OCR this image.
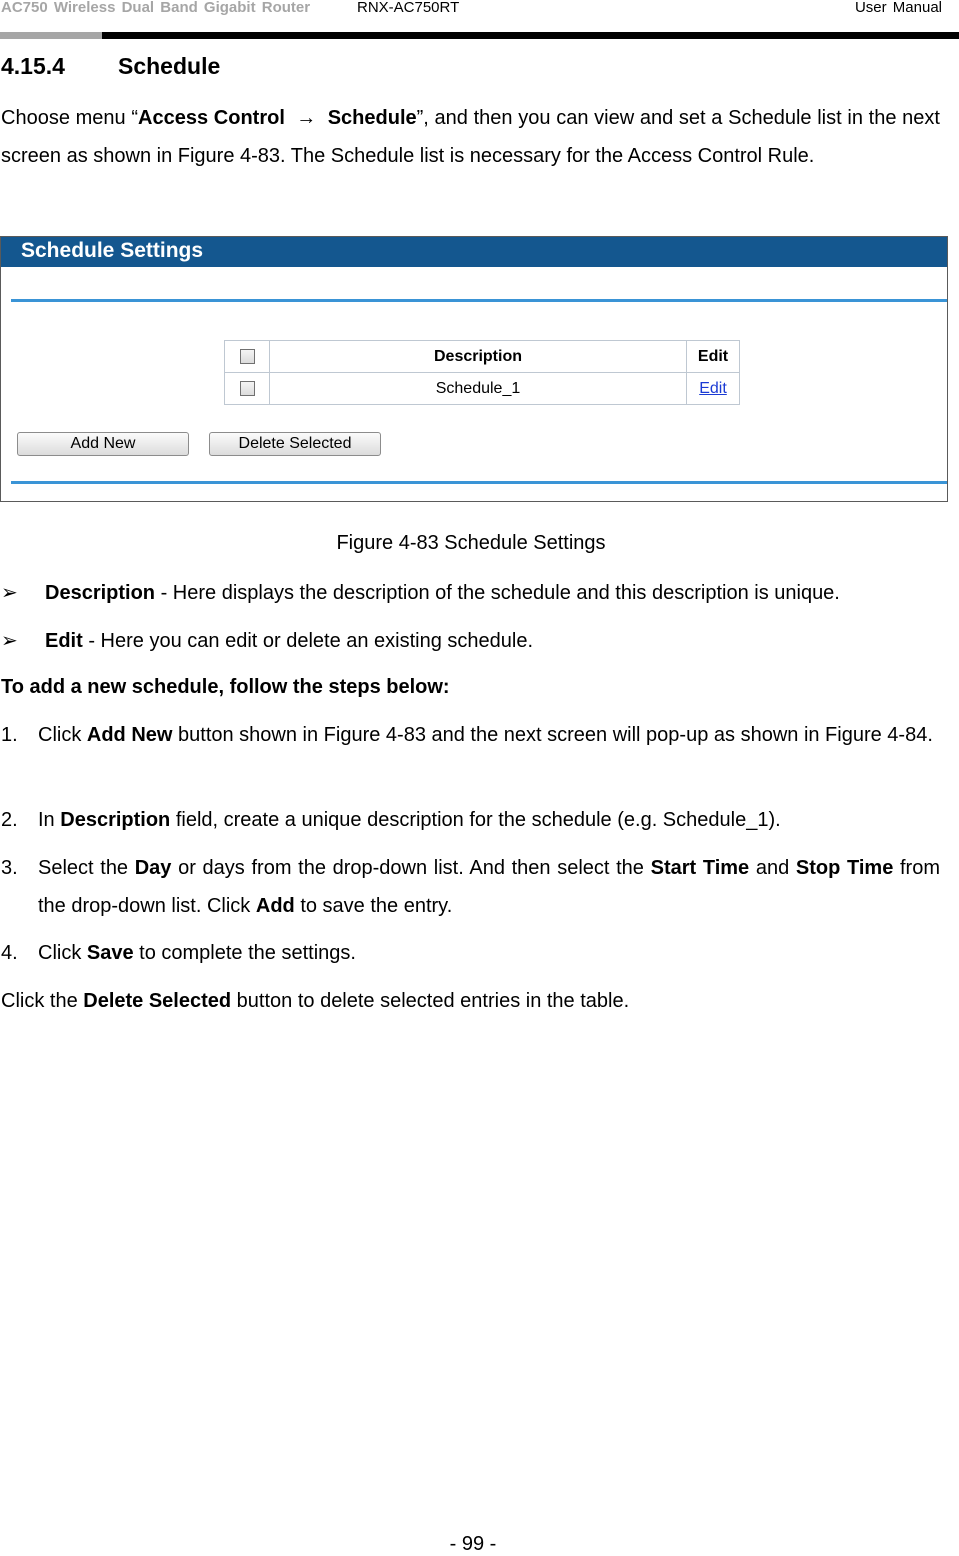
AC750 Wireless Dual Band Gigabit Router	RNX-AC750RT	User Manual
4.15.4 Schedule
Choose menu “Access Control → Schedule”, and then you can view and set a Schedule list in the next screen as shown in Figure 4-83. The Schedule list is necessary for the Access Control Rule.
Schedule Settings
	Description	Edit
	Schedule_1	Edit
Add New	Delete Selected
Figure 4-83 Schedule Settings
➢ Description - Here displays the description of the schedule and this description is unique.
➢ Edit - Here you can edit or delete an existing schedule.
To add a new schedule, follow the steps below:
1. Click Add New button shown in Figure 4-83 and the next screen will pop-up as shown in Figure 4-84.
2. In Description field, create a unique description for the schedule (e.g. Schedule_1).
3. Select the Day or days from the drop-down list. And then select the Start Time and Stop Time from the drop-down list. Click Add to save the entry.
4. Click Save to complete the settings.
Click the Delete Selected button to delete selected entries in the table.
- 99 -
